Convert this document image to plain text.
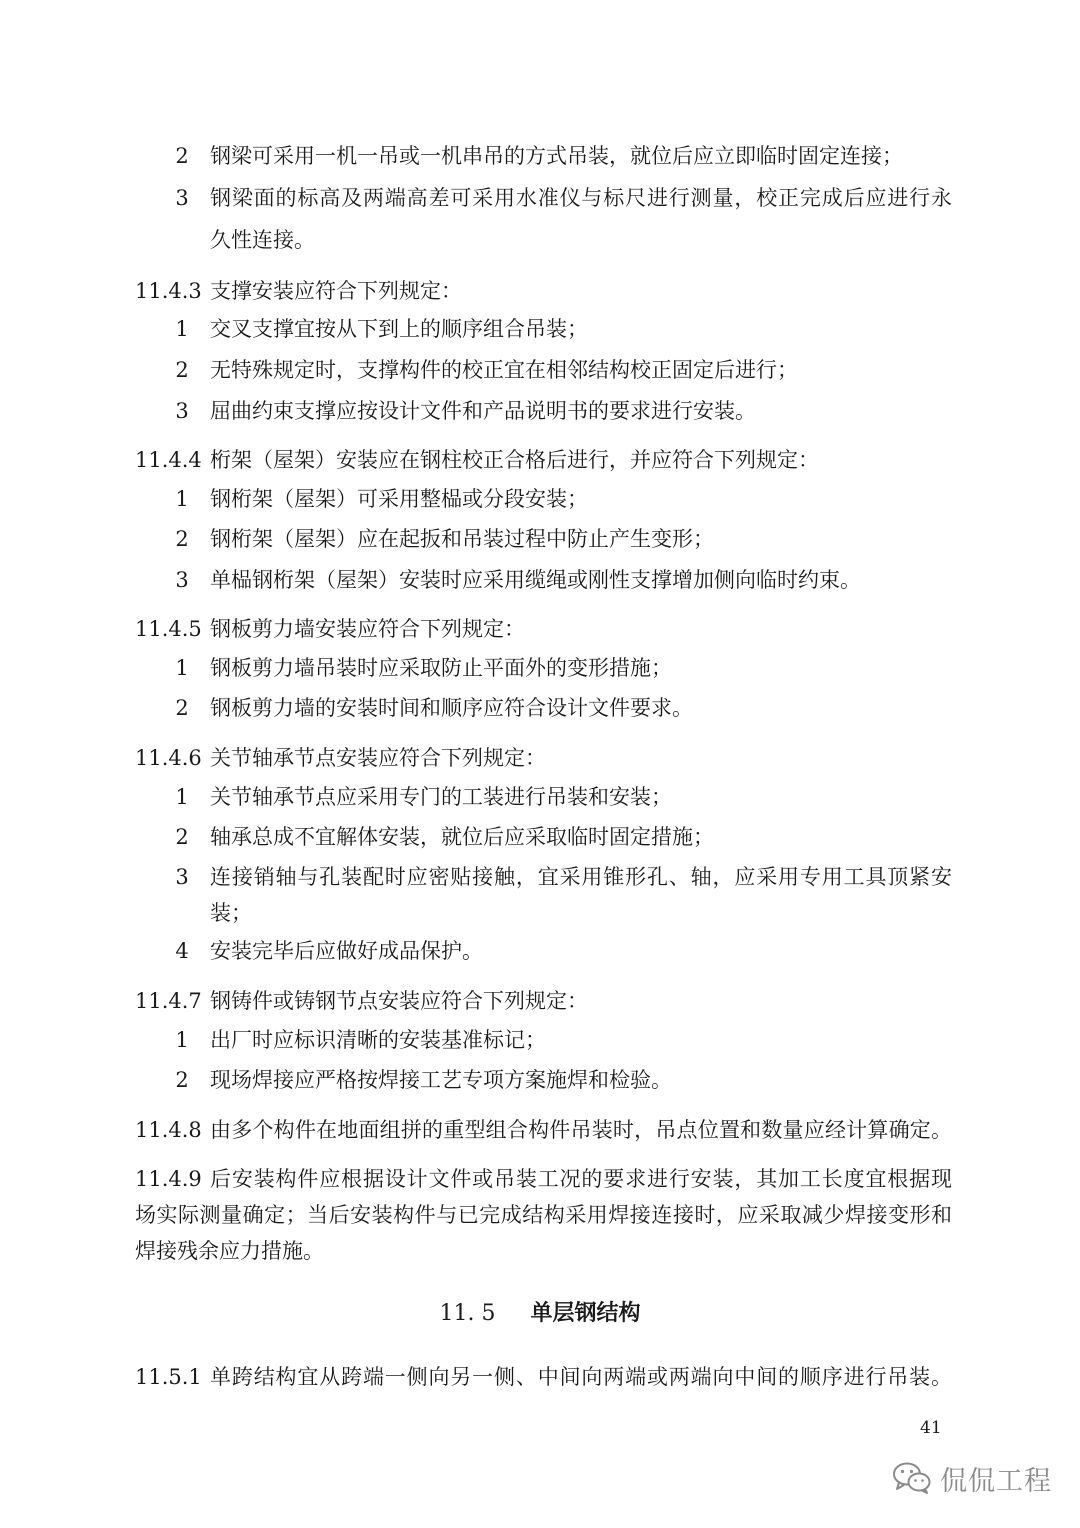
2	钢梁可采用一机一吊或一机串吊的方式吊装，就位后应立即临时固定连接；
3	钢梁面的标高及两端高差可采用水准仪与标尺进行测量，校正完成后应进行永
久性连接。
11.4.3 支撑安装应符合下列规定：
1	交叉支撑宜按从下到上的顺序组合吊装；
2	无特殊规定时，支撑构件的校正宜在相邻结构校正固定后进行；
3	屈曲约束支撑应按设计文件和产品说明书的要求进行安装。
11.4.4 桁架（屋架）安装应在钢柱校正合格后进行，并应符合下列规定：
1	钢桁架（屋架）可采用整榀或分段安装；
2	钢桁架（屋架）应在起扳和吊装过程中防止产生变形；
3	单榀钢桁架（屋架）安装时应采用缆绳或刚性支撑增加侧向临时约束。
11.4.5 钢板剪力墙安装应符合下列规定：
1	钢板剪力墙吊装时应采取防止平面外的变形措施；
2	钢板剪力墙的安装时间和顺序应符合设计文件要求。
11.4.6 关节轴承节点安装应符合下列规定：
1	关节轴承节点应采用专门的工装进行吊装和安装；
2	轴承总成不宜解体安装，就位后应采取临时固定措施；
3	连接销轴与孔装配时应密贴接触，宜采用锥形孔、轴，应采用专用工具顶紧安
装；
4	安装完毕后应做好成品保护。
11.4.7 钢铸件或铸钢节点安装应符合下列规定：
1	出厂时应标识清晰的安装基准标记；
2	现场焊接应严格按焊接工艺专项方案施焊和检验。
11.4.8 由多个构件在地面组拼的重型组合构件吊装时，吊点位置和数量应经计算确定。
11.4.9 后安装构件应根据设计文件或吊装工况的要求进行安装，其加工长度宜根据现
场实际测量确定；当后安装构件与已完成结构采用焊接连接时，应采取减少焊接变形和
焊接残余应力措施。
11. 5 单层钢结构
11.5.1 单跨结构宜从跨端一侧向另一侧、中间向两端或两端向中间的顺序进行吊装。
41
侃侃工程
